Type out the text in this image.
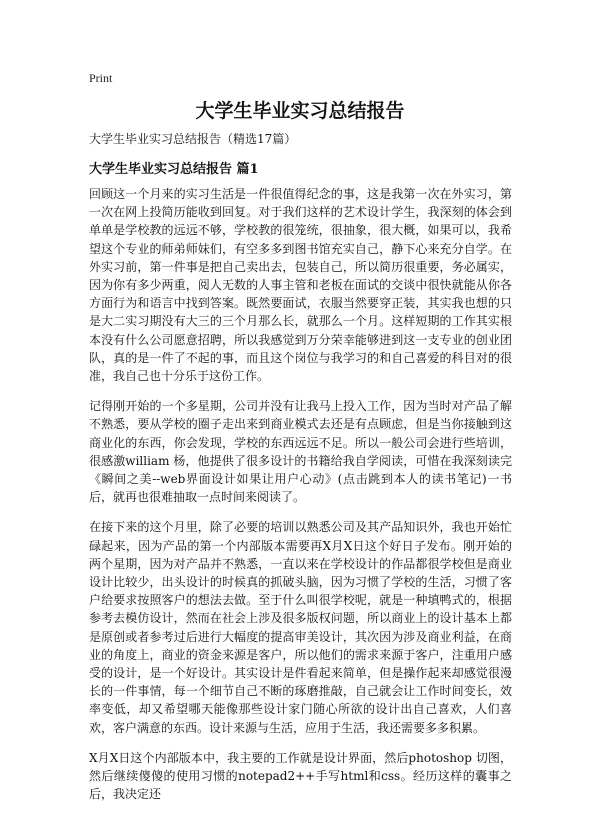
Print
大学生毕业实习总结报告

大学生毕业实习总结报告（精选17篇）

大学生毕业实习总结报告 篇1

回顾这一个月来的实习生活是一件很值得纪念的事，这是我第一次在外实习，第一次在网上投简历能收到回复。对于我们这样的艺术设计学生，我深刻的体会到单单是学校教的远远不够，学校教的很笼统，很抽象，很大概，如果可以，我希望这个专业的师弟师妹们，有空多多到图书馆充实自己，静下心来充分自学。在外实习前，第一件事是把自己卖出去，包装自己，所以简历很重要，务必属实，因为你有多少两重，阅人无数的人事主管和老板在面试的交谈中很快就能从你各方面行为和语言中找到答案。既然要面试，衣服当然要穿正装，其实我也想的只是大二实习期没有大三的三个月那么长，就那么一个月。这样短期的工作其实根本没有什么公司愿意招聘，所以我感觉到万分荣幸能够进到这一支专业的创业团队，真的是一件了不起的事，而且这个岗位与我学习的和自己喜爱的科目对的很准，我自己也十分乐于这份工作。

记得刚开始的一个多星期，公司并没有让我马上投入工作，因为当时对产品了解不熟悉，要从学校的圈子走出来到商业模式去还是有点顾虑，但是当你接触到这商业化的东西，你会发现，学校的东西远远不足。所以一般公司会进行些培训，很感激william 杨，他提供了很多设计的书籍给我自学阅读，可惜在我深刻读完《瞬间之美--web界面设计如果让用户心动》(点击跳到本人的读书笔记)一书后，就再也很难抽取一点时间来阅读了。

在接下来的这个月里，除了必要的培训以熟悉公司及其产品知识外，我也开始忙碌起来，因为产品的第一个内部版本需要再X月X日这个好日子发布。刚开始的两个星期，因为对产品并不熟悉，一直以来在学校设计的作品都很学校但是商业设计比较少，出头设计的时候真的抓破头脑，因为习惯了学校的生活，习惯了客户给要求按照客户的想法去做。至于什么叫很学校呢，就是一种填鸭式的，根据参考去模仿设计，然而在社会上涉及很多版权问题，所以商业上的设计基本上都是原创或者参考过后进行大幅度的提高审美设计，其次因为涉及商业利益，在商业的角度上，商业的资金来源是客户，所以他们的需求来源于客户，注重用户感受的设计，是一个好设计。其实设计是件看起来简单，但是操作起来却感觉很漫长的一件事情，每一个细节自己不断的琢磨推敲，自己就会让工作时间变长，效率变低，却又希望哪天能像那些设计家门随心所欲的设计出自己喜欢，人们喜欢，客户满意的东西。设计来源与生活，应用于生活，我还需要多多积累。

X月X日这个内部版本中，我主要的工作就是设计界面，然后photoshop 切图，然后继续傻傻的使用习惯的notepad2++手写html和css。经历这样的囊事之后，我决定还
